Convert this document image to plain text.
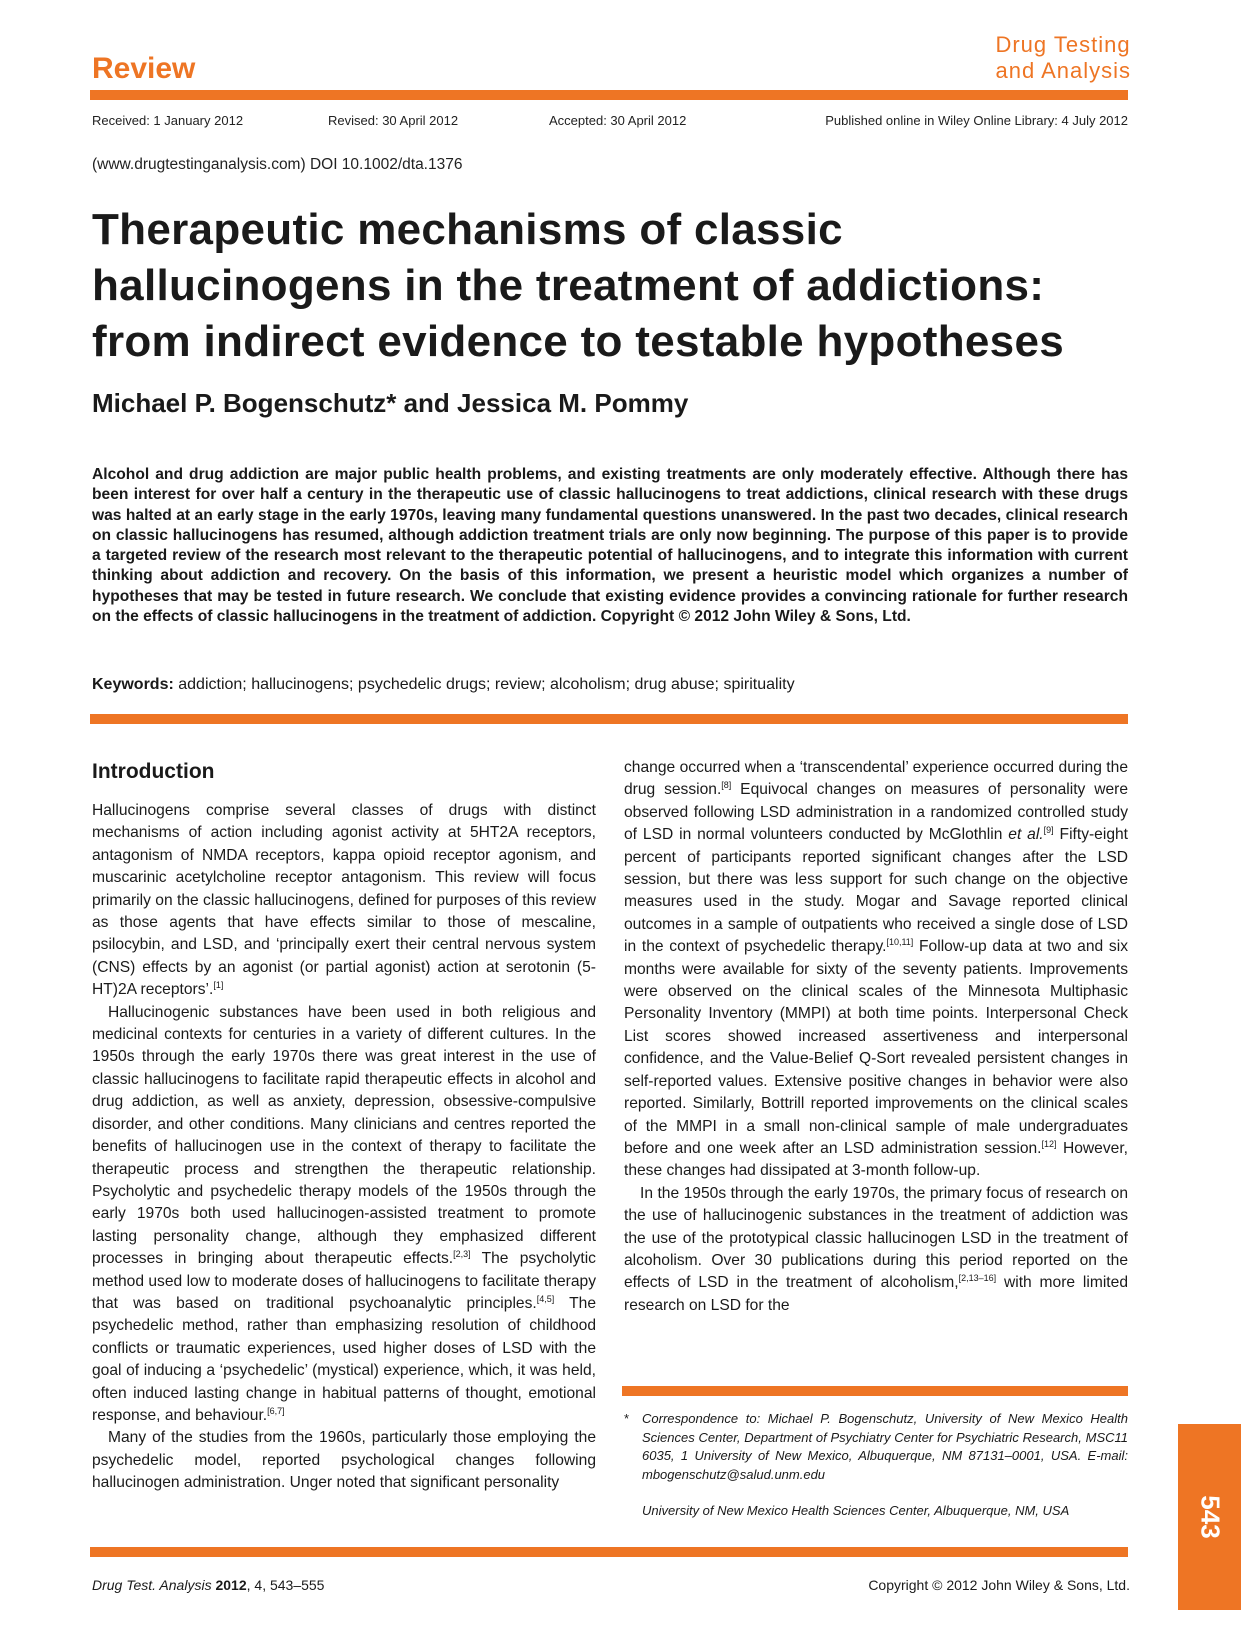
Review
Drug Testing
and Analysis
Received: 1 January 2012	Revised: 30 April 2012	Accepted: 30 April 2012	Published online in Wiley Online Library: 4 July 2012
(www.drugtestinganalysis.com) DOI 10.1002/dta.1376
Therapeutic mechanisms of classic
hallucinogens in the treatment of addictions:
from indirect evidence to testable hypotheses
Michael P. Bogenschutz* and Jessica M. Pommy
Alcohol and drug addiction are major public health problems, and existing treatments are only moderately effective. Although there has been interest for over half a century in the therapeutic use of classic hallucinogens to treat addictions, clinical research with these drugs was halted at an early stage in the early 1970s, leaving many fundamental questions unanswered. In the past two decades, clinical research on classic hallucinogens has resumed, although addiction treatment trials are only now beginning. The purpose of this paper is to provide a targeted review of the research most relevant to the therapeutic potential of hallucinogens, and to integrate this information with current thinking about addiction and recovery. On the basis of this information, we present a heuristic model which organizes a number of hypotheses that may be tested in future research. We conclude that existing evidence provides a convincing rationale for further research on the effects of classic hallucinogens in the treatment of addiction. Copyright © 2012 John Wiley & Sons, Ltd.
Keywords: addiction; hallucinogens; psychedelic drugs; review; alcoholism; drug abuse; spirituality
Introduction

Hallucinogens comprise several classes of drugs with distinct mechanisms of action including agonist activity at 5HT2A receptors, antagonism of NMDA receptors, kappa opioid receptor agonism, and muscarinic acetylcholine receptor antagonism. This review will focus primarily on the classic hallucinogens, defined for purposes of this review as those agents that have effects similar to those of mescaline, psilocybin, and LSD, and ‘principally exert their central nervous system (CNS) effects by an agonist (or partial agonist) action at serotonin (5-HT)2A receptors’.[1]

Hallucinogenic substances have been used in both religious and medicinal contexts for centuries in a variety of different cultures. In the 1950s through the early 1970s there was great interest in the use of classic hallucinogens to facilitate rapid therapeutic effects in alcohol and drug addiction, as well as anxiety, depression, obsessive-compulsive disorder, and other conditions. Many clinicians and centres reported the benefits of hallucinogen use in the context of therapy to facilitate the therapeutic process and strengthen the therapeutic relationship. Psycholytic and psychedelic therapy models of the 1950s through the early 1970s both used hallucinogen-assisted treatment to promote lasting personality change, although they emphasized different processes in bringing about therapeutic effects.[2,3] The psycholytic method used low to moderate doses of hallucinogens to facilitate therapy that was based on traditional psychoanalytic principles.[4,5] The psychedelic method, rather than emphasizing resolution of childhood conflicts or traumatic experiences, used higher doses of LSD with the goal of inducing a ‘psychedelic’ (mystical) experience, which, it was held, often induced lasting change in habitual patterns of thought, emotional response, and behaviour.[6,7]

Many of the studies from the 1960s, particularly those employing the psychedelic model, reported psychological changes following hallucinogen administration. Unger noted that significant personality

change occurred when a ‘transcendental’ experience occurred during the drug session.[8] Equivocal changes on measures of personality were observed following LSD administration in a randomized controlled study of LSD in normal volunteers conducted by McGlothlin et al.[9] Fifty-eight percent of participants reported significant changes after the LSD session, but there was less support for such change on the objective measures used in the study. Mogar and Savage reported clinical outcomes in a sample of outpatients who received a single dose of LSD in the context of psychedelic therapy.[10,11] Follow-up data at two and six months were available for sixty of the seventy patients. Improvements were observed on the clinical scales of the Minnesota Multiphasic Personality Inventory (MMPI) at both time points. Interpersonal Check List scores showed increased assertiveness and interpersonal confidence, and the Value-Belief Q-Sort revealed persistent changes in self-reported values. Extensive positive changes in behavior were also reported. Similarly, Bottrill reported improvements on the clinical scales of the MMPI in a small non-clinical sample of male undergraduates before and one week after an LSD administration session.[12] However, these changes had dissipated at 3-month follow-up.

In the 1950s through the early 1970s, the primary focus of research on the use of hallucinogenic substances in the treatment of addiction was the use of the prototypical classic hallucinogen LSD in the treatment of alcoholism. Over 30 publications during this period reported on the effects of LSD in the treatment of alcoholism,[2,13–16] with more limited research on LSD for the

* Correspondence to: Michael P. Bogenschutz, University of New Mexico Health Sciences Center, Department of Psychiatry Center for Psychiatric Research, MSC11 6035, 1 University of New Mexico, Albuquerque, NM 87131–0001, USA. E-mail: mbogenschutz@salud.unm.edu
University of New Mexico Health Sciences Center, Albuquerque, NM, USA	543
Drug Test. Analysis 2012, 4, 543–555	Copyright © 2012 John Wiley & Sons, Ltd.
